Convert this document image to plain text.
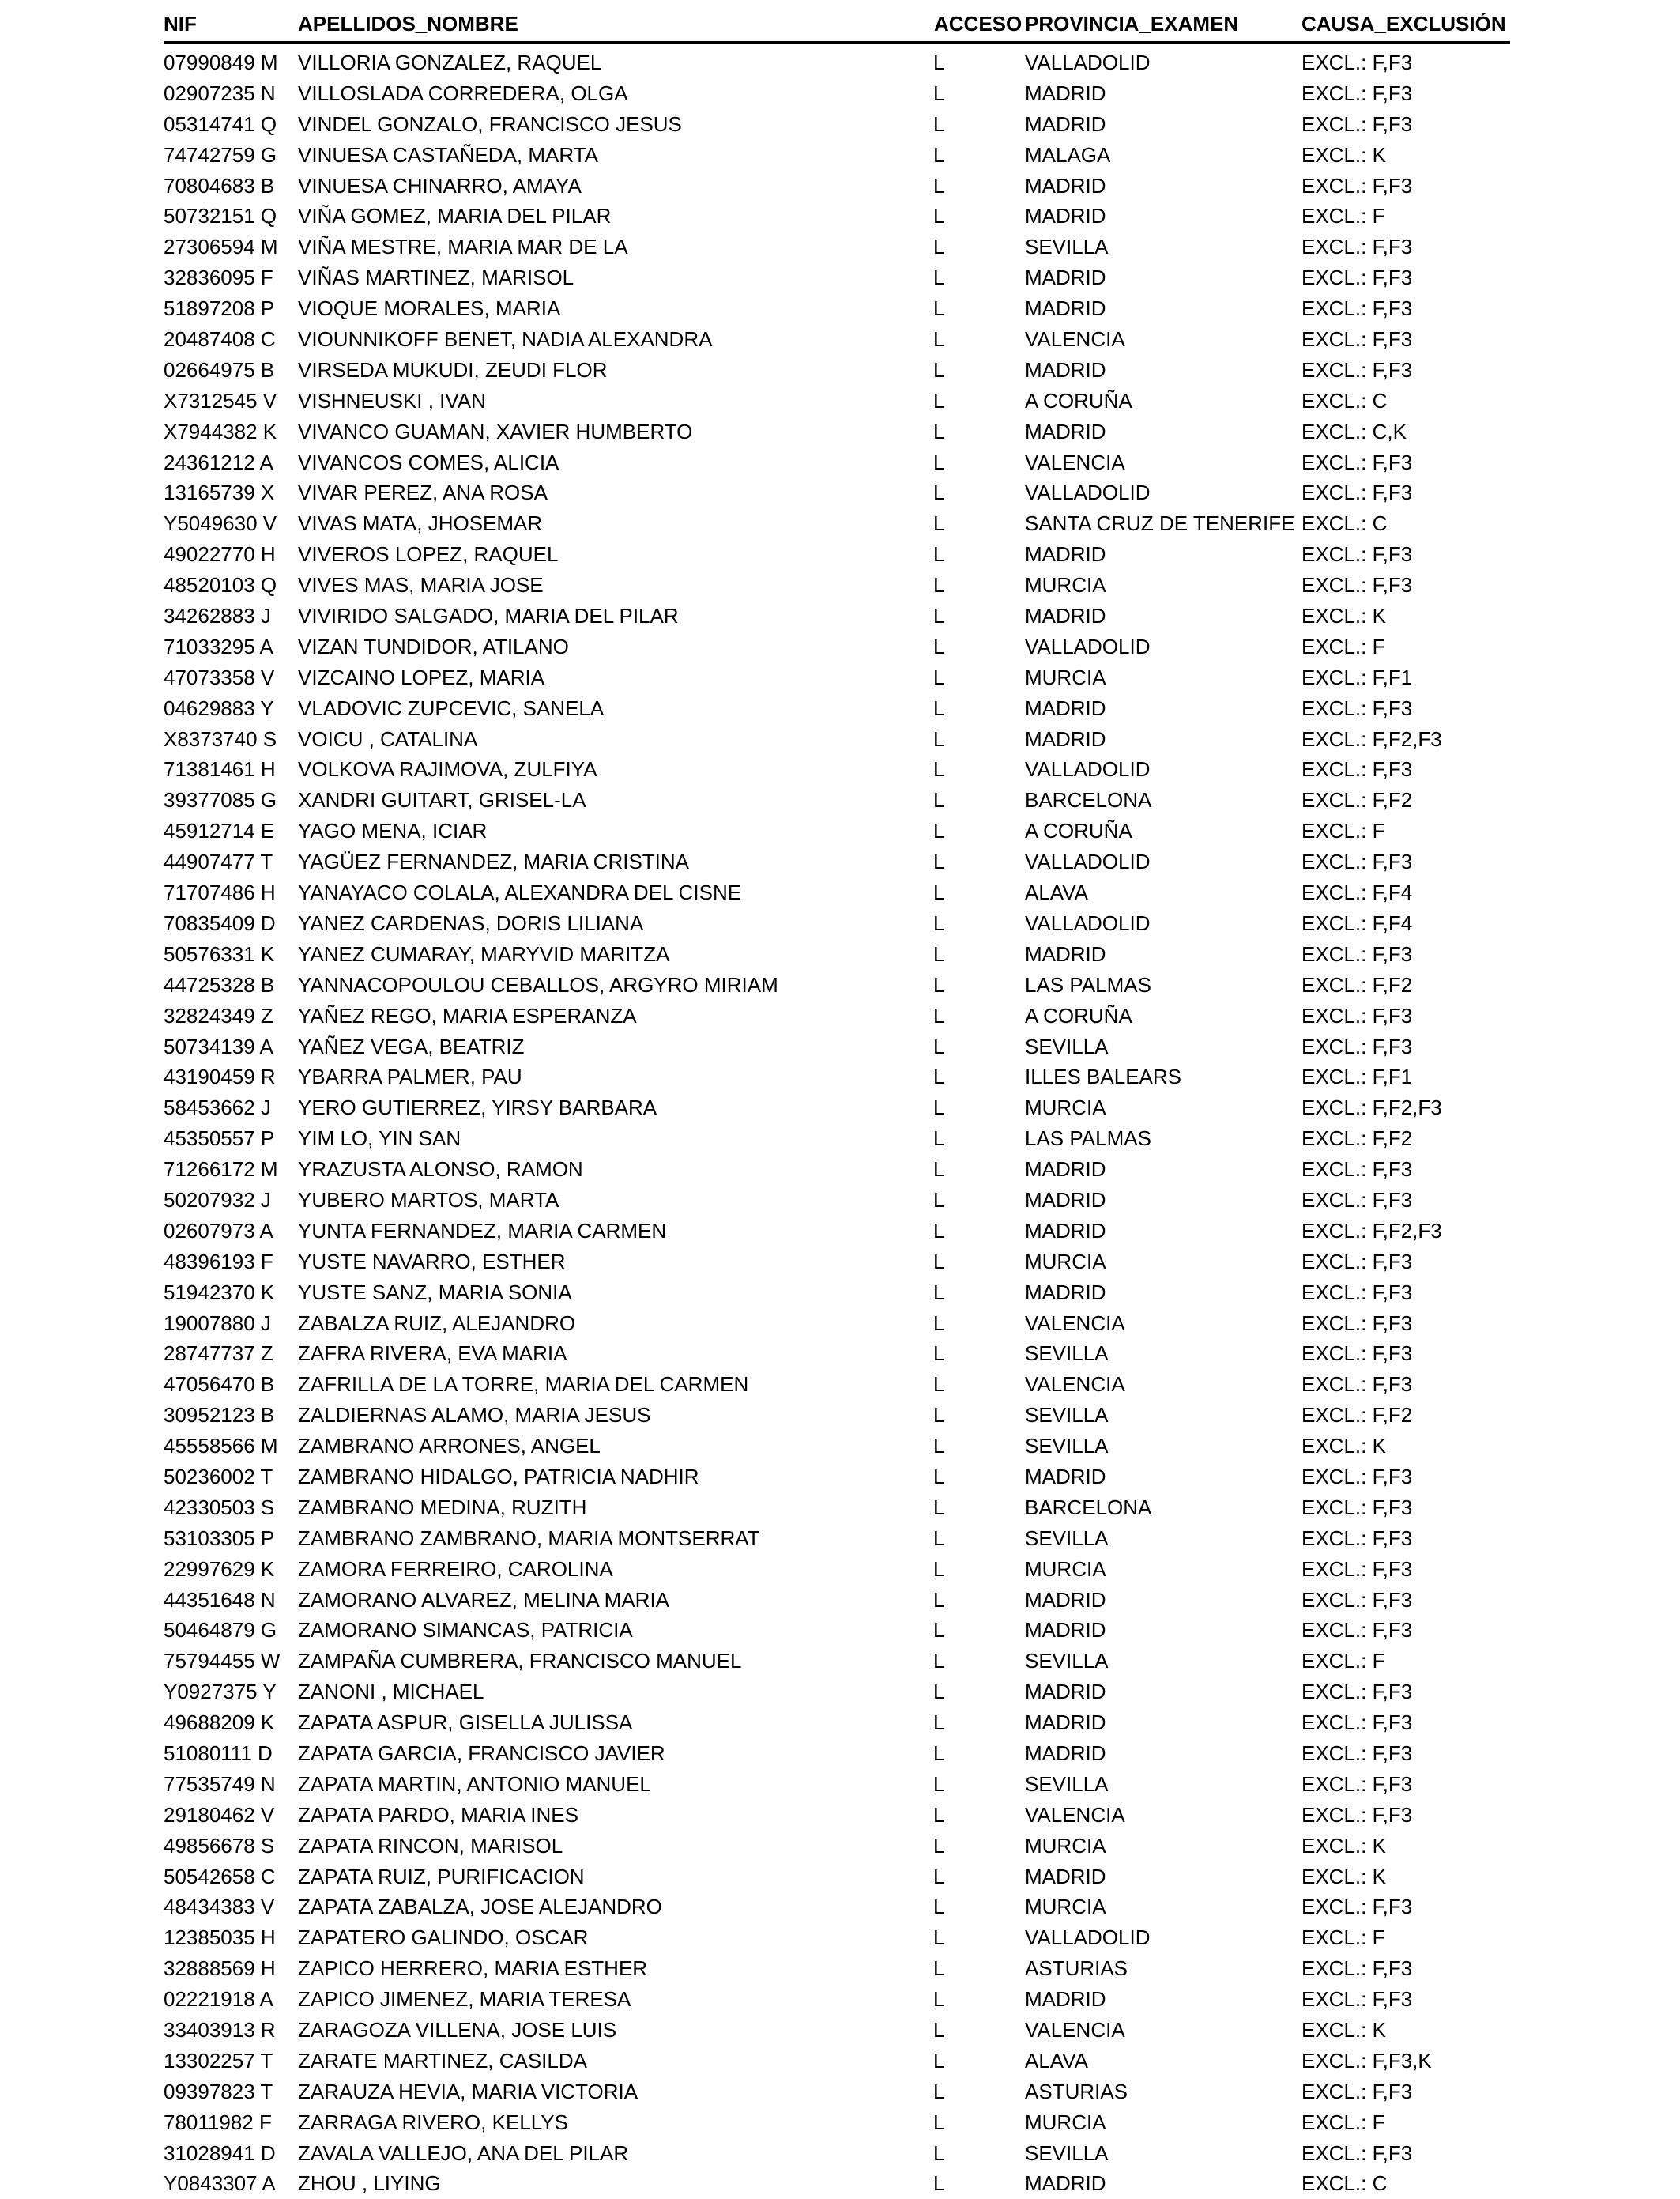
NIF	APELLIDOS_NOMBRE	ACCESO PROVINCIA_EXAMEN	CAUSA_EXCLUSIÓN
07990849 M VILLORIA GONZALEZ, RAQUEL	L	VALLADOLID	EXCL.: F,F3
02907235 N VILLOSLADA CORREDERA, OLGA	L	MADRID	EXCL.: F,F3
05314741 Q VINDEL GONZALO, FRANCISCO JESUS	L	MADRID	EXCL.: F,F3
74742759 G VINUESA CASTAÑEDA, MARTA	L	MALAGA	EXCL.: K
70804683 B VINUESA CHINARRO, AMAYA	L	MADRID	EXCL.: F,F3
50732151 Q VIÑA GOMEZ, MARIA DEL PILAR	L	MADRID	EXCL.: F
27306594 M VIÑA MESTRE, MARIA MAR DE LA	L	SEVILLA	EXCL.: F,F3
32836095 F VIÑAS MARTINEZ, MARISOL	L	MADRID	EXCL.: F,F3
51897208 P VIOQUE MORALES, MARIA	L	MADRID	EXCL.: F,F3
20487408 C VIOUNNIKOFF BENET, NADIA ALEXANDRA	L	VALENCIA	EXCL.: F,F3
02664975 B VIRSEDA MUKUDI, ZEUDI FLOR	L	MADRID	EXCL.: F,F3
X7312545 V VISHNEUSKI , IVAN	L	A CORUÑA	EXCL.: C
X7944382 K VIVANCO GUAMAN, XAVIER HUMBERTO	L	MADRID	EXCL.: C,K
24361212 A VIVANCOS COMES, ALICIA	L	VALENCIA	EXCL.: F,F3
13165739 X VIVAR PEREZ, ANA ROSA	L	VALLADOLID	EXCL.: F,F3
Y5049630 V VIVAS MATA, JHOSEMAR	L	SANTA CRUZ DE TENERIFE EXCL.: C
49022770 H VIVEROS LOPEZ, RAQUEL	L	MADRID	EXCL.: F,F3
48520103 Q VIVES MAS, MARIA JOSE	L	MURCIA	EXCL.: F,F3
34262883 J VIVIRIDO SALGADO, MARIA DEL PILAR	L	MADRID	EXCL.: K
71033295 A VIZAN TUNDIDOR, ATILANO	L	VALLADOLID	EXCL.: F
47073358 V VIZCAINO LOPEZ, MARIA	L	MURCIA	EXCL.: F,F1
04629883 Y VLADOVIC ZUPCEVIC, SANELA	L	MADRID	EXCL.: F,F3
X8373740 S VOICU , CATALINA	L	MADRID	EXCL.: F,F2,F3
71381461 H VOLKOVA RAJIMOVA, ZULFIYA	L	VALLADOLID	EXCL.: F,F3
39377085 G XANDRI GUITART, GRISEL-LA	L	BARCELONA	EXCL.: F,F2
45912714 E YAGO MENA, ICIAR	L	A CORUÑA	EXCL.: F
44907477 T YAGÜEZ FERNANDEZ, MARIA CRISTINA	L	VALLADOLID	EXCL.: F,F3
71707486 H YANAYACO COLALA, ALEXANDRA DEL CISNE	L	ALAVA	EXCL.: F,F4
70835409 D YANEZ CARDENAS, DORIS LILIANA	L	VALLADOLID	EXCL.: F,F4
50576331 K YANEZ CUMARAY, MARYVID MARITZA	L	MADRID	EXCL.: F,F3
44725328 B YANNACOPOULOU CEBALLOS, ARGYRO MIRIAM	L	LAS PALMAS	EXCL.: F,F2
32824349 Z YAÑEZ REGO, MARIA ESPERANZA	L	A CORUÑA	EXCL.: F,F3
50734139 A YAÑEZ VEGA, BEATRIZ	L	SEVILLA	EXCL.: F,F3
43190459 R YBARRA PALMER, PAU	L	ILLES BALEARS	EXCL.: F,F1
58453662 J YERO GUTIERREZ, YIRSY BARBARA	L	MURCIA	EXCL.: F,F2,F3
45350557 P YIM LO, YIN SAN	L	LAS PALMAS	EXCL.: F,F2
71266172 M YRAZUSTA ALONSO, RAMON	L	MADRID	EXCL.: F,F3
50207932 J YUBERO MARTOS, MARTA	L	MADRID	EXCL.: F,F3
02607973 A YUNTA FERNANDEZ, MARIA CARMEN	L	MADRID	EXCL.: F,F2,F3
48396193 F YUSTE NAVARRO, ESTHER	L	MURCIA	EXCL.: F,F3
51942370 K YUSTE SANZ, MARIA SONIA	L	MADRID	EXCL.: F,F3
19007880 J ZABALZA RUIZ, ALEJANDRO	L	VALENCIA	EXCL.: F,F3
28747737 Z ZAFRA RIVERA, EVA MARIA	L	SEVILLA	EXCL.: F,F3
47056470 B ZAFRILLA DE LA TORRE, MARIA DEL CARMEN	L	VALENCIA	EXCL.: F,F3
30952123 B ZALDIERNAS ALAMO, MARIA JESUS	L	SEVILLA	EXCL.: F,F2
45558566 M ZAMBRANO ARRONES, ANGEL	L	SEVILLA	EXCL.: K
50236002 T ZAMBRANO HIDALGO, PATRICIA NADHIR	L	MADRID	EXCL.: F,F3
42330503 S ZAMBRANO MEDINA, RUZITH	L	BARCELONA	EXCL.: F,F3
53103305 P ZAMBRANO ZAMBRANO, MARIA MONTSERRAT	L	SEVILLA	EXCL.: F,F3
22997629 K ZAMORA FERREIRO, CAROLINA	L	MURCIA	EXCL.: F,F3
44351648 N ZAMORANO ALVAREZ, MELINA MARIA	L	MADRID	EXCL.: F,F3
50464879 G ZAMORANO SIMANCAS, PATRICIA	L	MADRID	EXCL.: F,F3
75794455 W ZAMPAÑA CUMBRERA, FRANCISCO MANUEL	L	SEVILLA	EXCL.: F
Y0927375 Y ZANONI , MICHAEL	L	MADRID	EXCL.: F,F3
49688209 K ZAPATA ASPUR, GISELLA JULISSA	L	MADRID	EXCL.: F,F3
51080111 D ZAPATA GARCIA, FRANCISCO JAVIER	L	MADRID	EXCL.: F,F3
77535749 N ZAPATA MARTIN, ANTONIO MANUEL	L	SEVILLA	EXCL.: F,F3
29180462 V ZAPATA PARDO, MARIA INES	L	VALENCIA	EXCL.: F,F3
49856678 S ZAPATA RINCON, MARISOL	L	MURCIA	EXCL.: K
50542658 C ZAPATA RUIZ, PURIFICACION	L	MADRID	EXCL.: K
48434383 V ZAPATA ZABALZA, JOSE ALEJANDRO	L	MURCIA	EXCL.: F,F3
12385035 H ZAPATERO GALINDO, OSCAR	L	VALLADOLID	EXCL.: F
32888569 H ZAPICO HERRERO, MARIA ESTHER	L	ASTURIAS	EXCL.: F,F3
02221918 A ZAPICO JIMENEZ, MARIA TERESA	L	MADRID	EXCL.: F,F3
33403913 R ZARAGOZA VILLENA, JOSE LUIS	L	VALENCIA	EXCL.: K
13302257 T ZARATE MARTINEZ, CASILDA	L	ALAVA	EXCL.: F,F3,K
09397823 T ZARAUZA HEVIA, MARIA VICTORIA	L	ASTURIAS	EXCL.: F,F3
78011982 F ZARRAGA RIVERO, KELLYS	L	MURCIA	EXCL.: F
31028941 D ZAVALA VALLEJO, ANA DEL PILAR	L	SEVILLA	EXCL.: F,F3
Y0843307 A ZHOU , LIYING	L	MADRID	EXCL.: C
